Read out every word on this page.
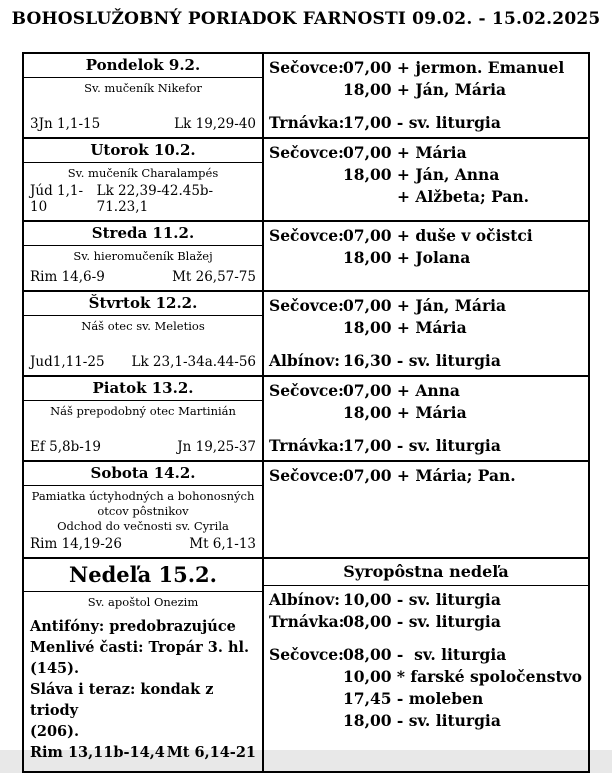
BOHOSLUŽOBNÝ PORIADOK FARNOSTI 09.02. - 15.02.2025
Pondelok 9.2.
Sv. mučeník Nikefor
3Jn 1,1-15	Lk 19,29-40
Sečovce: 07,00 + jermon. Emanuel
18,00 + Ján, Mária
Trnávka:
17,00 - sv. liturgia
Utorok 10.2.
Sv. mučeník Charalampés
Júd 1,1-10
Lk 22,39-42.45b-71.23,1
Sečovce: 07,00 + Mária
18,00 + Ján, Anna
+ Alžbeta; Pan.
Streda 11.2.
Sv. hieromučeník Blažej
Rim 14,6-9	Mt 26,57-75
Sečovce: 07,00 + duše v očistci
18,00 + Jolana
Štvrtok 12.2.
Náš otec sv. Meletios
Jud1,11-25 Lk 23,1-34a.44-56
Sečovce: 07,00 + Ján, Mária
18,00 + Mária
Albínov: 16,30 - sv. liturgia
Piatok 13.2.
Náš prepodobný otec Martinián
Ef 5,8b-19	Jn 19,25-37
Sečovce: 07,00 + Anna
18,00 + Mária
Trnávka:
17,00 - sv. liturgia
Sobota 14.2.
Pamiatka úctyhodných a bohonosných
otcov pôstnikov
Odchod do večnosti sv. Cyrila
Rim 14,19-26	Mt 6,1-13
Sečovce: 07,00 + Mária; Pan.
Nedeľa 15.2.
Sv. apoštol Onezim
Antifóny: predobrazujúce
Menlivé časti: Tropár 3. hl. (145).
Sláva i teraz: kondak z triody
(206).
Rim 13,11b-14,4 Mt 6,14-21
Syropôstna nedeľa
Albínov: 10,00 - sv. liturgia
Trnávka:
08,00 - sv. liturgia
Sečovce: 08,00 -  sv. liturgia
10,00 * farské spoločenstvo
17,45 - moleben
18,00 - sv. liturgia
